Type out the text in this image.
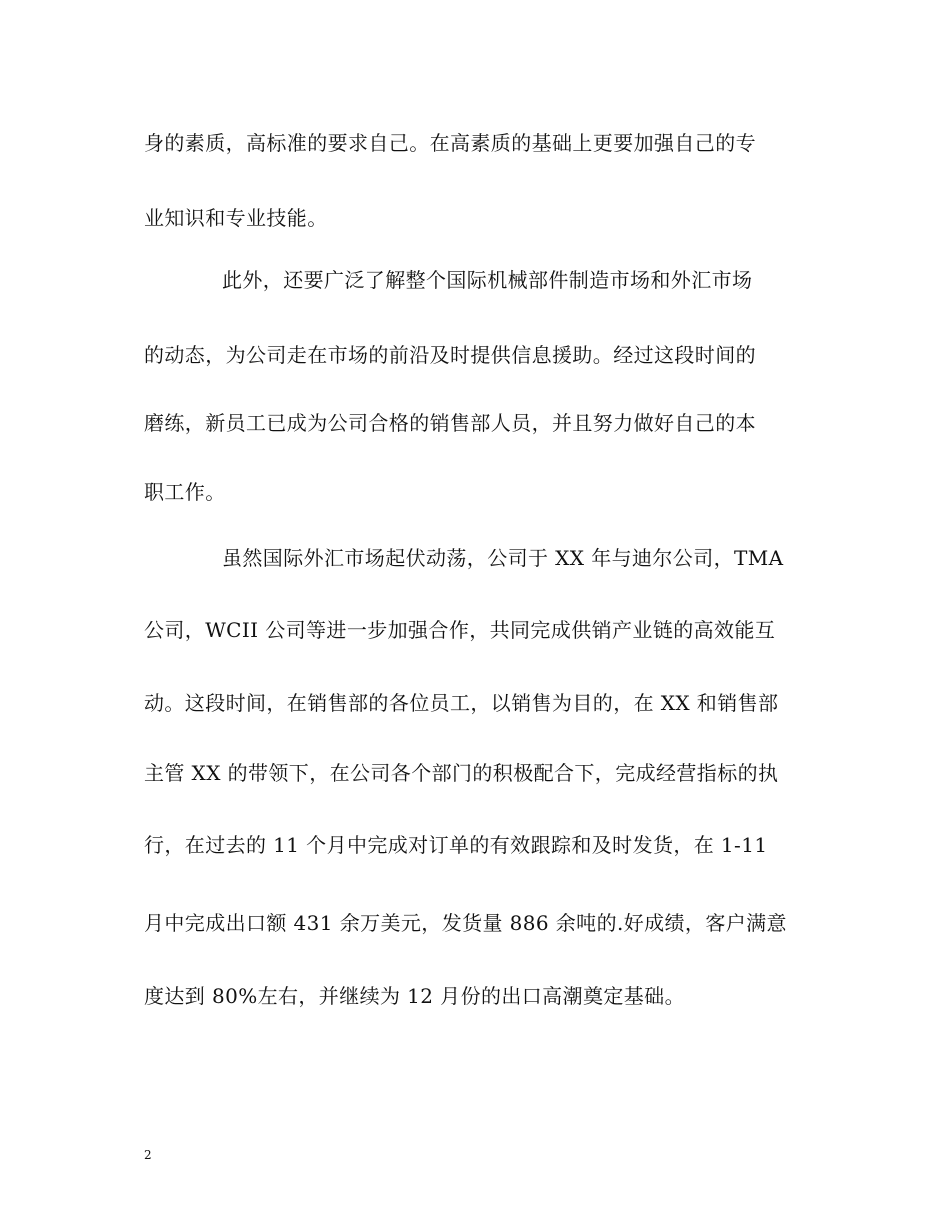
身的素质，高标准的要求自己。在高素质的基础上更要加强自己的专
业知识和专业技能。
此外，还要广泛了解整个国际机械部件制造市场和外汇市场
的动态，为公司走在市场的前沿及时提供信息援助。经过这段时间的
磨练，新员工已成为公司合格的销售部人员，并且努力做好自己的本
职工作。
虽然国际外汇市场起伏动荡，公司于 XX 年与迪尔公司，TMA
公司，WCII 公司等进一步加强合作，共同完成供销产业链的高效能互
动。这段时间，在销售部的各位员工，以销售为目的，在 XX 和销售部
主管 XX 的带领下，在公司各个部门的积极配合下，完成经营指标的执
行，在过去的 11 个月中完成对订单的有效跟踪和及时发货，在 1-11
月中完成出口额 431 余万美元，发货量 886 余吨的.好成绩，客户满意
度达到 80%左右，并继续为 12 月份的出口高潮奠定基础。
2
